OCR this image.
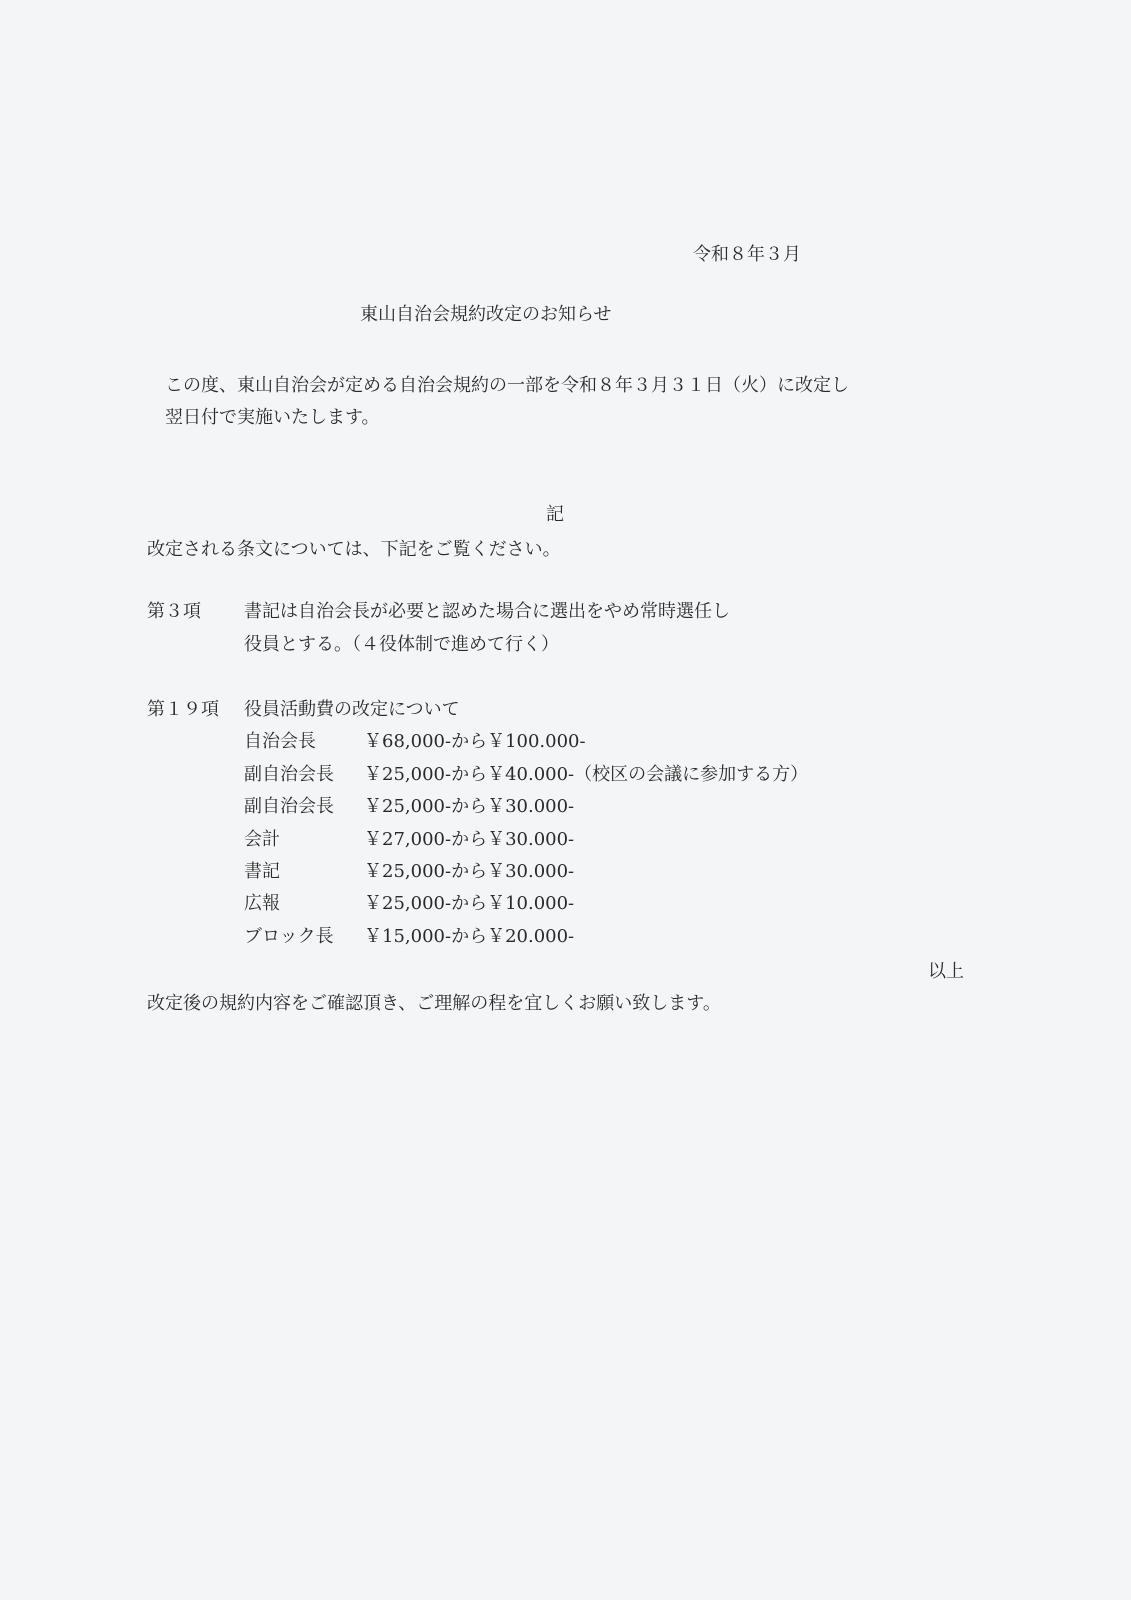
令和８年３月
東山自治会規約改定のお知らせ
この度、東山自治会が定める自治会規約の一部を令和８年３月３１日（火）に改定し
翌日付で実施いたします。
記
改定される条文については、下記をご覧ください。
第３項 書記は自治会長が必要と認めた場合に選出をやめ常時選任し
役員とする。（４役体制で進めて行く）
第１９項 役員活動費の改定について
自治会長	￥68,000-から￥100.000-
副自治会長 ￥25,000-から￥40.000-（校区の会議に参加する方）
副自治会長 ￥25,000-から￥30.000-
会計	￥27,000-から￥30.000-
書記	￥25,000-から￥30.000-
広報	￥25,000-から￥10.000-
ブロック長 ￥15,000-から￥20.000-
以上
改定後の規約内容をご確認頂き、ご理解の程を宜しくお願い致します。
